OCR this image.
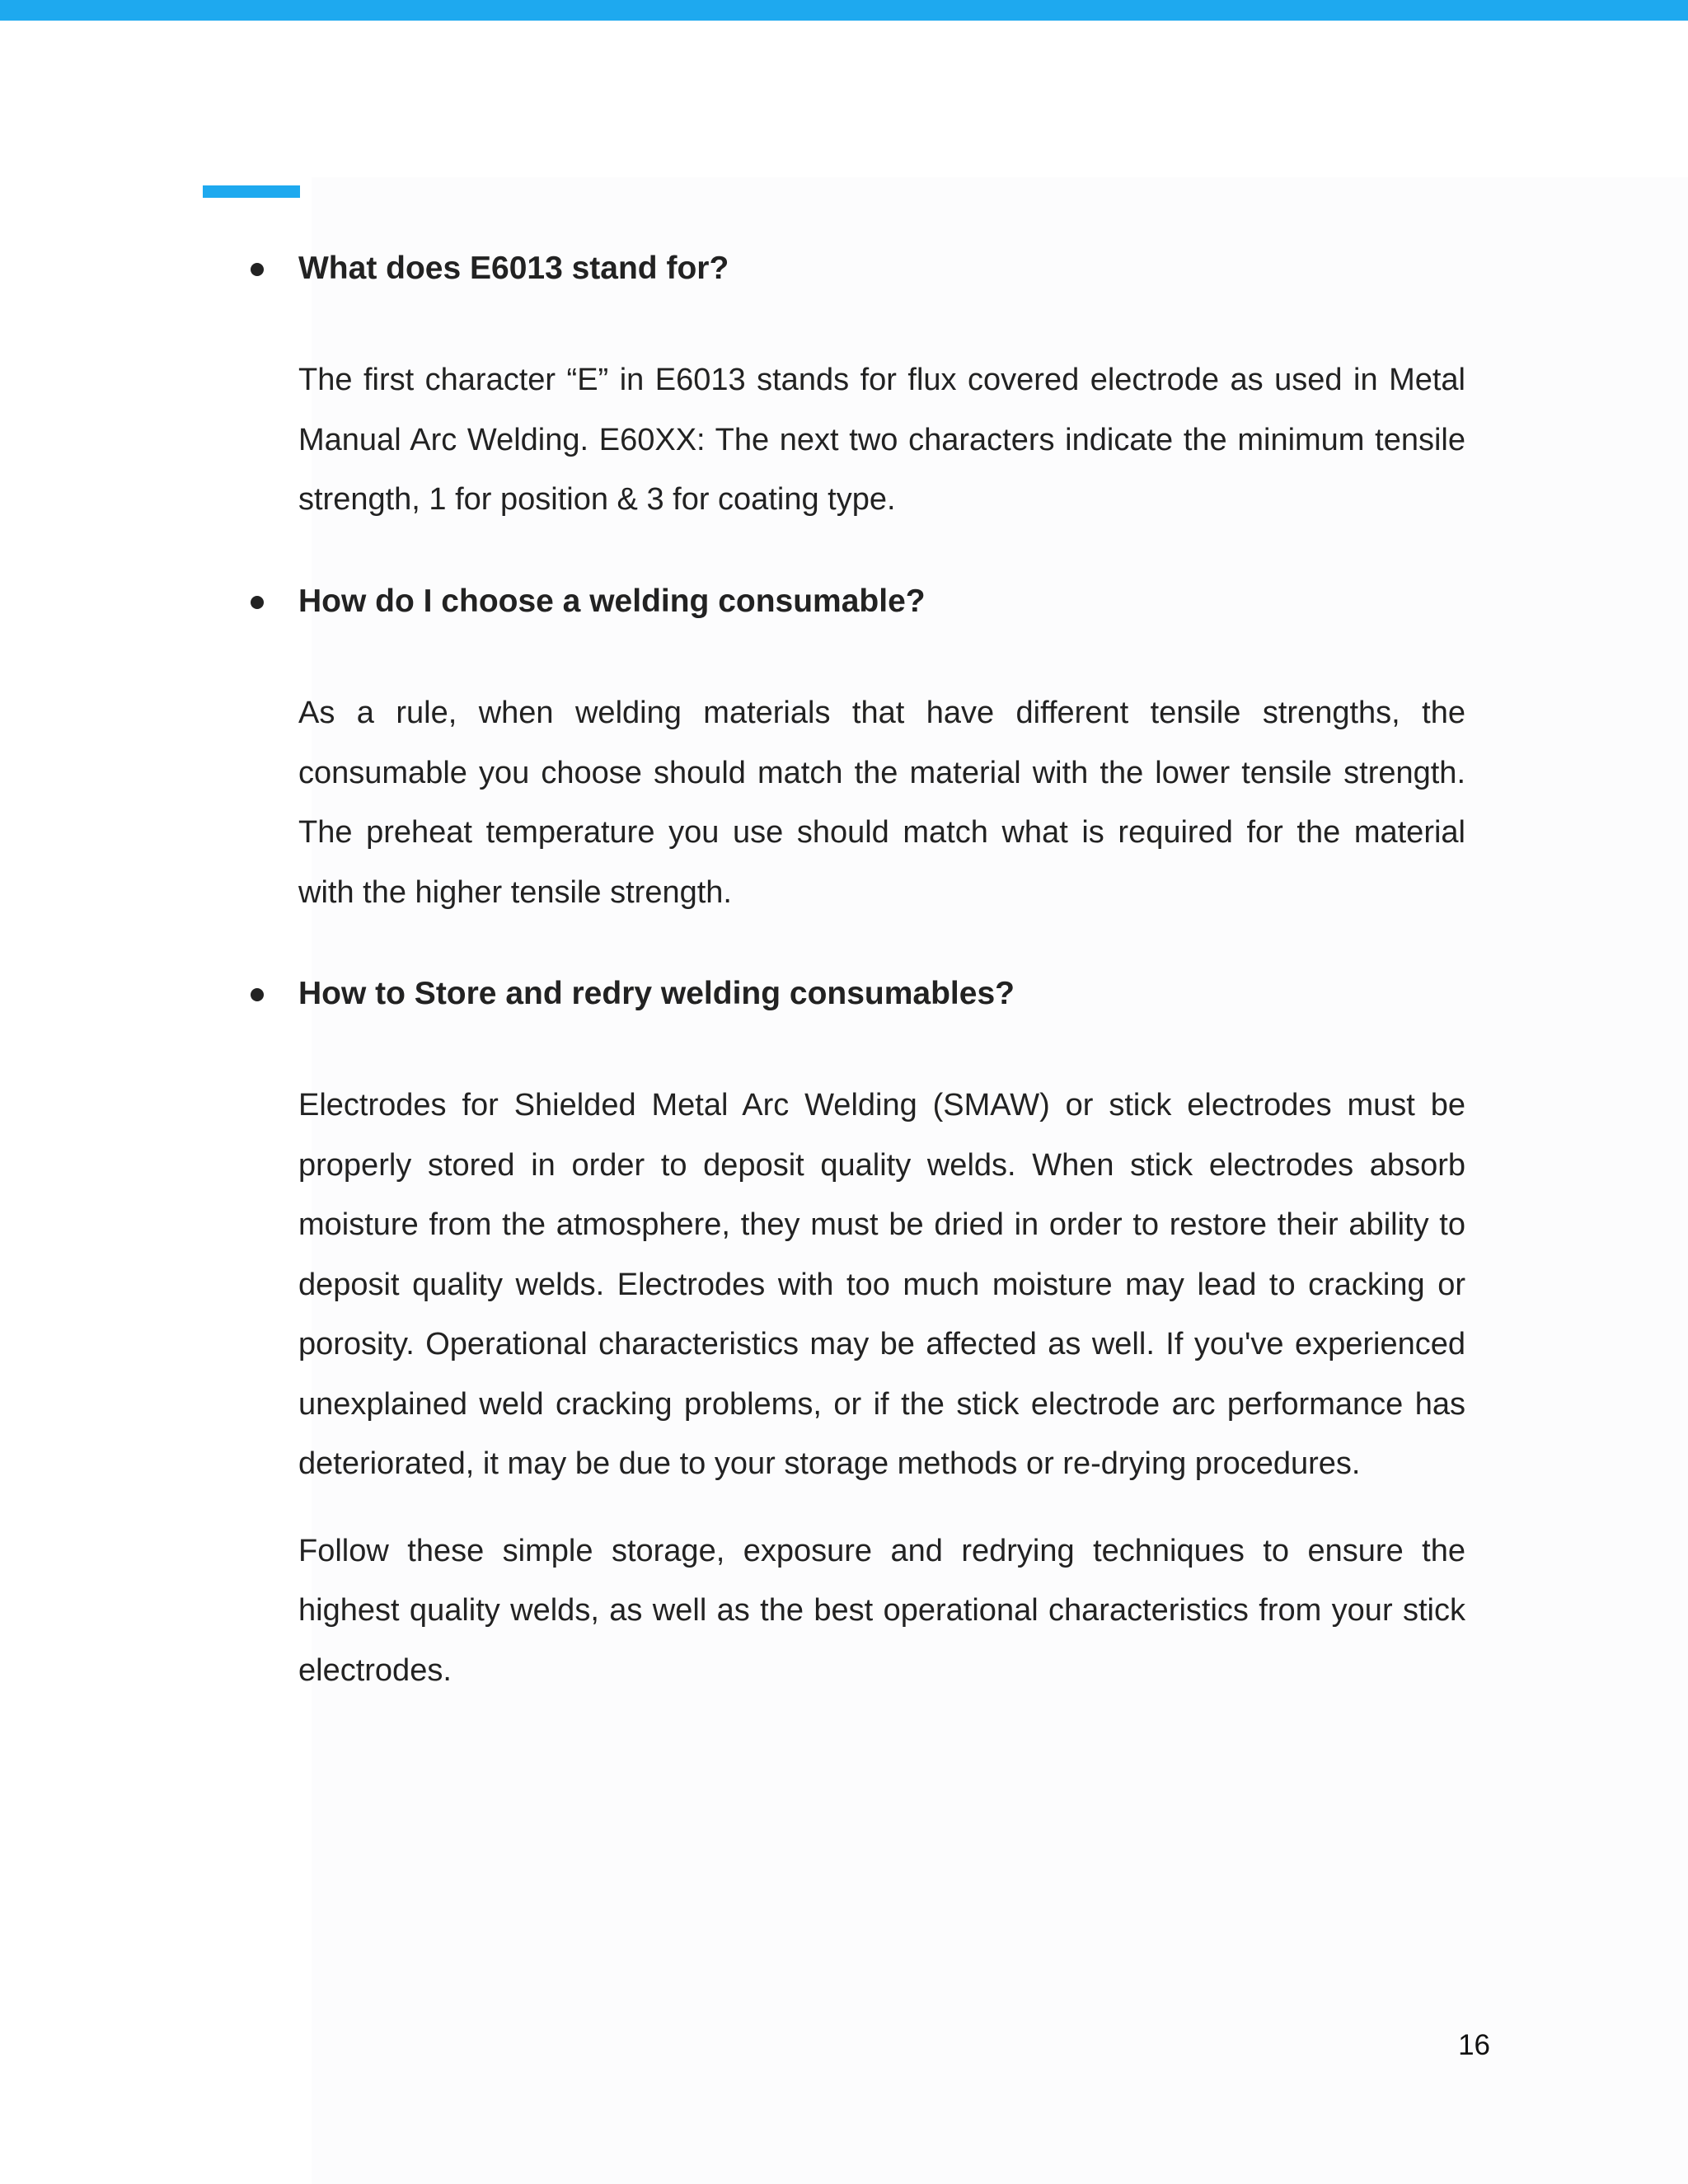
What does E6013 stand for?

The first character “E” in E6013 stands for flux covered electrode as used in Metal Manual Arc Welding. E60XX: The next two characters indicate the minimum tensile strength, 1 for position & 3 for coating type.

How do I choose a welding consumable?

As a rule, when welding materials that have different tensile strengths, the consumable you choose should match the material with the lower tensile strength. The preheat temperature you use should match what is required for the material with the higher tensile strength.

How to Store and redry welding consumables?

Electrodes for Shielded Metal Arc Welding (SMAW) or stick electrodes must be properly stored in order to deposit quality welds. When stick electrodes absorb moisture from the atmosphere, they must be dried in order to restore their ability to deposit quality welds. Electrodes with too much moisture may lead to cracking or porosity. Operational characteristics may be affected as well. If you've experienced unexplained weld cracking problems, or if the stick electrode arc performance has deteriorated, it may be due to your storage methods or re-drying procedures.

Follow these simple storage, exposure and redrying techniques to ensure the highest quality welds, as well as the best operational characteristics from your stick electrodes.

16
